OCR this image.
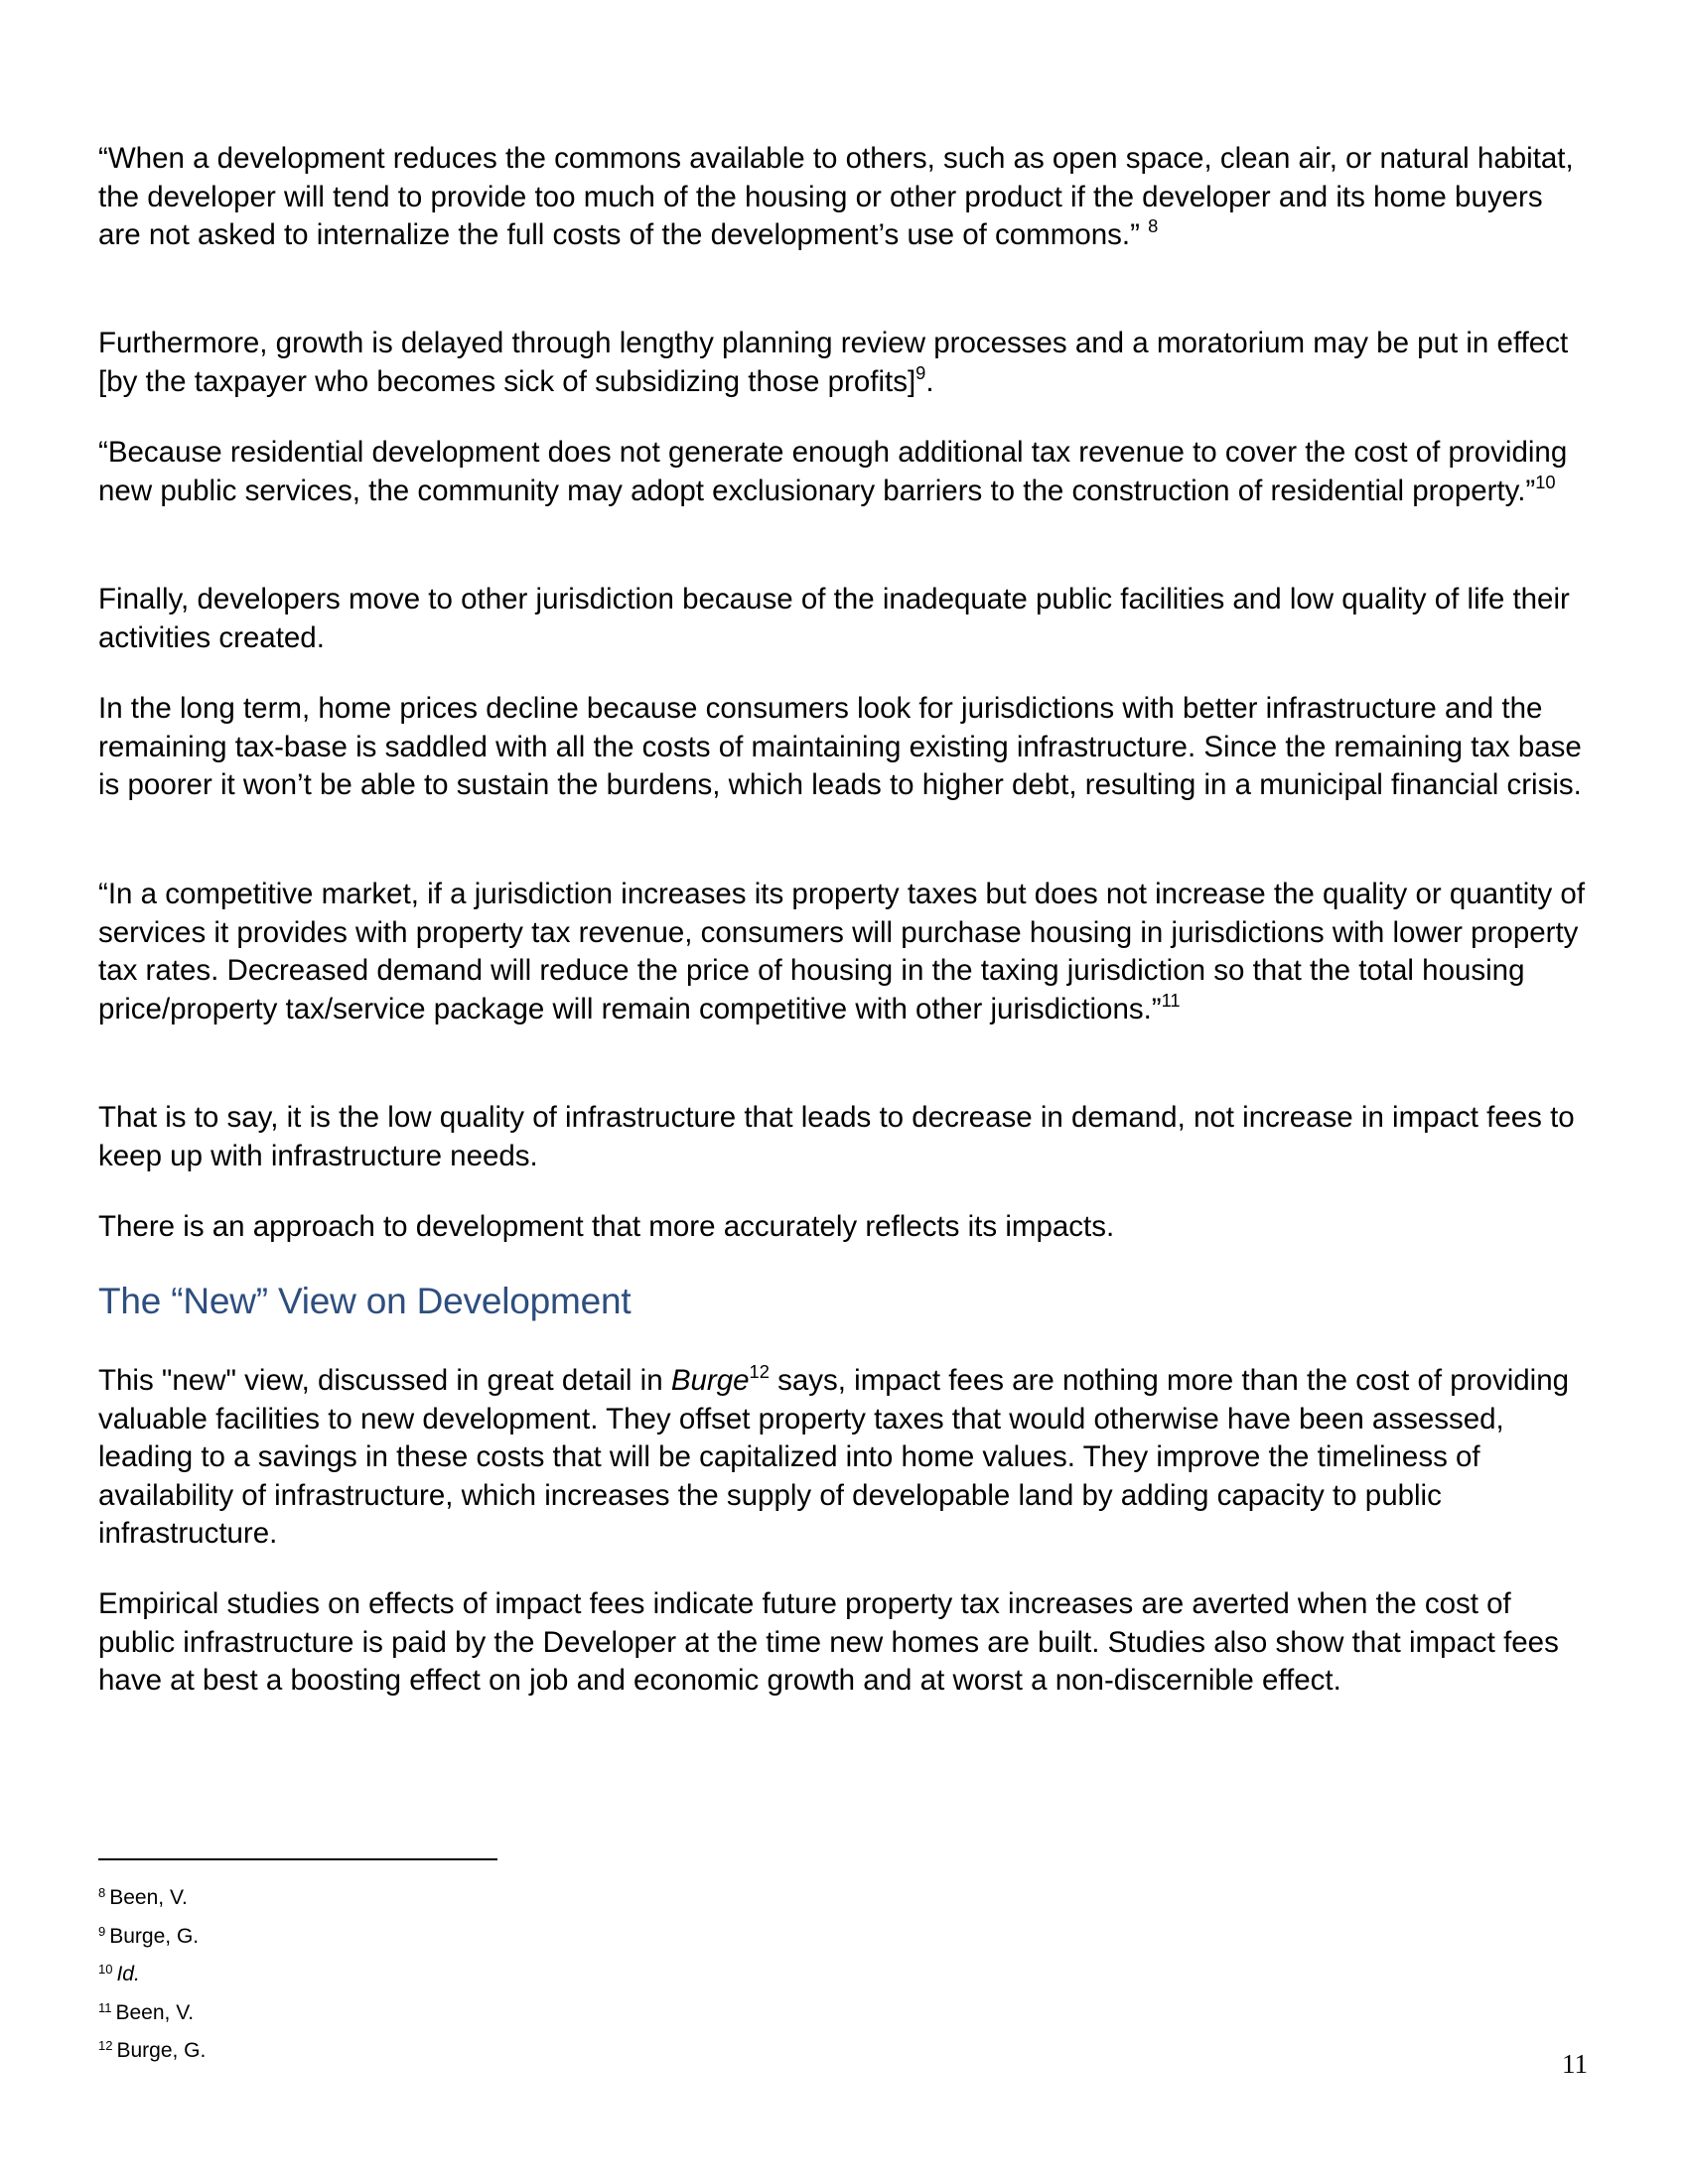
“When a development reduces the commons available to others, such as open space, clean air, or natural habitat, the developer will tend to provide too much of the housing or other product if the developer and its home buyers are not asked to internalize the full costs of the development’s use of commons.” $^8$

Furthermore, growth is delayed through lengthy planning review processes and a moratorium may be put in effect [by the taxpayer who becomes sick of subsidizing those profits]$^9$.

“Because residential development does not generate enough additional tax revenue to cover the cost of providing new public services, the community may adopt exclusionary barriers to the construction of residential property.”$^{10}$

Finally, developers move to other jurisdiction because of the inadequate public facilities and low quality of life their activities created.

In the long term, home prices decline because consumers look for jurisdictions with better infrastructure and the remaining tax-base is saddled with all the costs of maintaining existing infrastructure. Since the remaining tax base is poorer it won’t be able to sustain the burdens, which leads to higher debt, resulting in a municipal financial crisis.

“In a competitive market, if a jurisdiction increases its property taxes but does not increase the quality or quantity of services it provides with property tax revenue, consumers will purchase housing in jurisdictions with lower property tax rates. Decreased demand will reduce the price of housing in the taxing jurisdiction so that the total housing price/property tax/service package will remain competitive with other jurisdictions.”$^{11}$

That is to say, it is the low quality of infrastructure that leads to decrease in demand, not increase in impact fees to keep up with infrastructure needs.

There is an approach to development that more accurately reflects its impacts.

The “New” View on Development

This "new" view, discussed in great detail in Burge$^{12}$ says, impact fees are nothing more than the cost of providing valuable facilities to new development. They offset property taxes that would otherwise have been assessed, leading to a savings in these costs that will be capitalized into home values. They improve the timeliness of availability of infrastructure, which increases the supply of developable land by adding capacity to public infrastructure.

Empirical studies on effects of impact fees indicate future property tax increases are averted when the cost of public infrastructure is paid by the Developer at the time new homes are built. Studies also show that impact fees have at best a boosting effect on job and economic growth and at worst a non-discernible effect.

$^8$ Been, V.
$^9$ Burge, G.
$^{10}$ Id.
$^{11}$ Been, V.
$^{12}$ Burge, G.	11
